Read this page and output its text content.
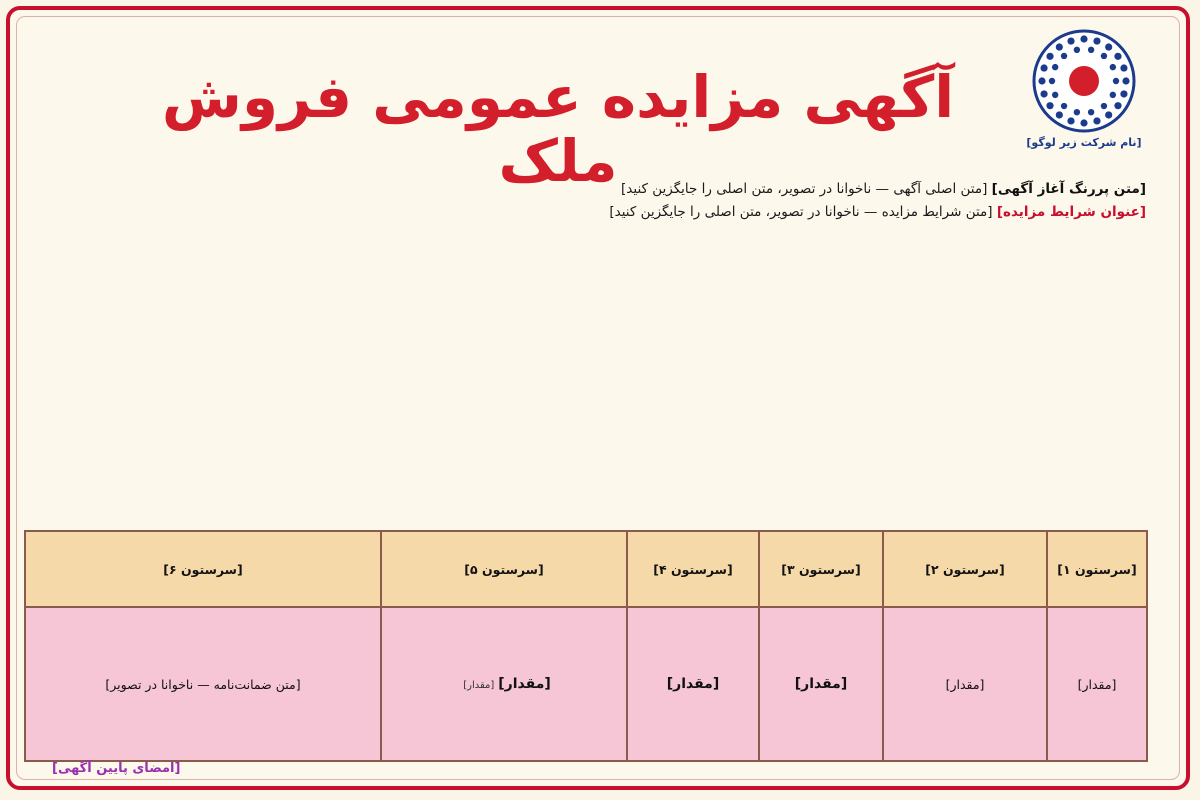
[نام شرکت زیر لوگو]
آگهی مزایده عمومی فروش ملک	[متن پررنگ آغاز آگهی] [متن اصلی آگهی — ناخوانا در تصویر، متن اصلی را جایگزین کنید]

[عنوان شرایط مزایده] [متن شرایط مزایده — ناخوانا در تصویر، متن اصلی را جایگزین کنید]

[سرستون ۱]	[سرستون ۲]	[سرستون ۳]	[سرستون ۴]	[سرستون ۵]	[سرستون ۶]
[مقدار]	[مقدار]	[مقدار]	[مقدار]	[مقدار] [مقدار]	[متن ضمانت‌نامه — ناخوانا در تصویر]

[امضای پایین آگهی]
